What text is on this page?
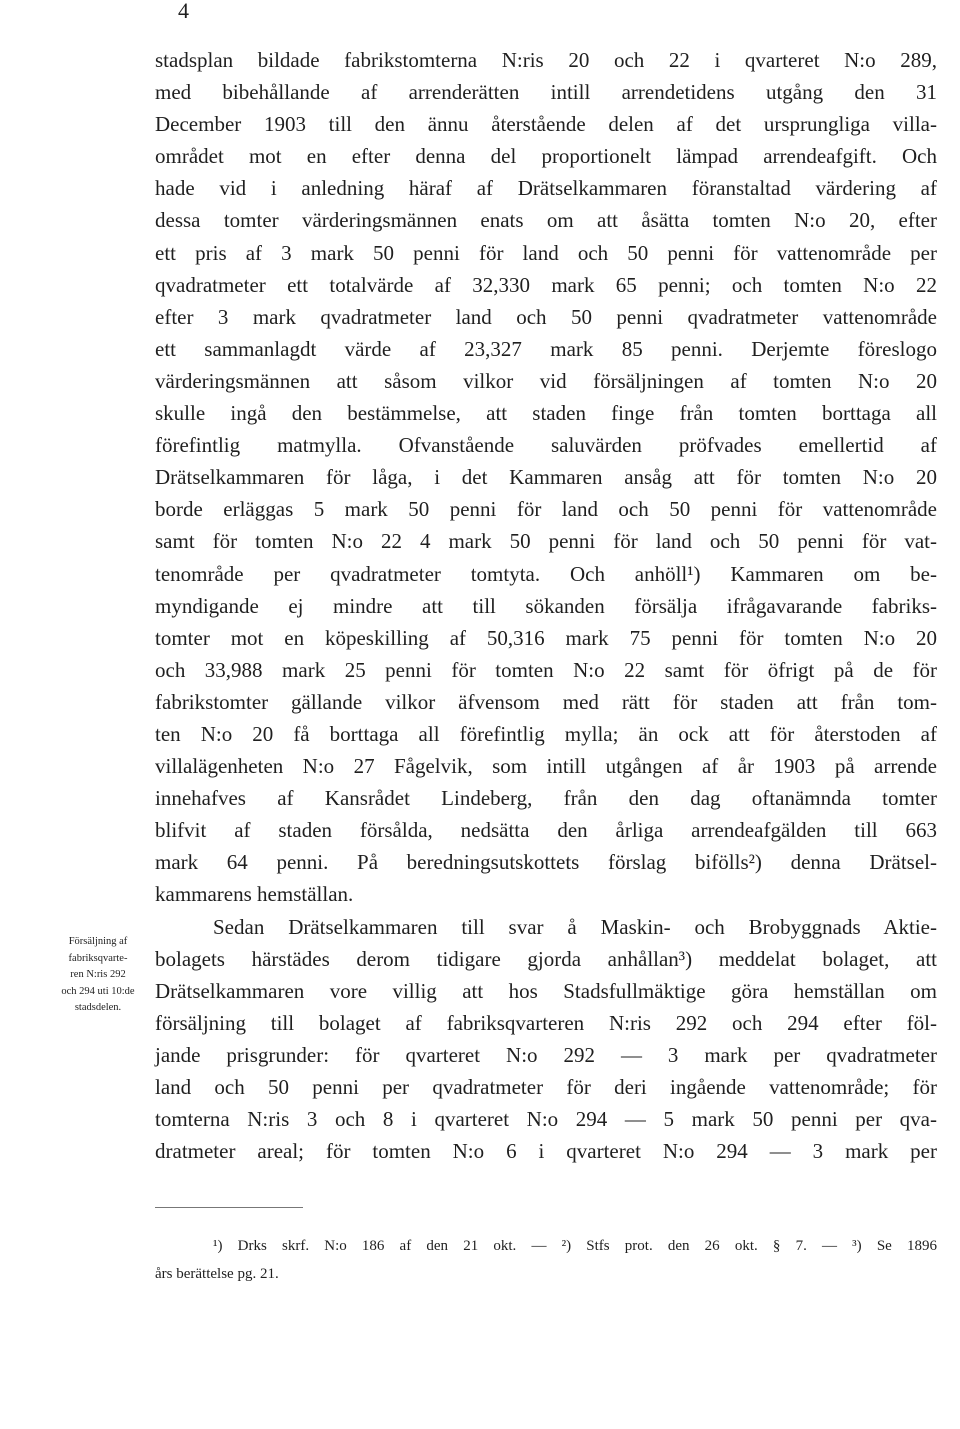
4
stadsplan bildade fabrikstomterna N:ris 20 och 22 i qvarteret N:o 289,
med bibehållande af arrenderätten intill arrendetidens utgång den 31
December 1903 till den ännu återstående delen af det ursprungliga villa-
området mot en efter denna del proportionelt lämpad arrendeafgift. Och
hade vid i anledning häraf af Drätselkammaren föranstaltad värdering af
dessa tomter värderingsmännen enats om att åsätta tomten N:o 20, efter
ett pris af 3 mark 50 penni för land och 50 penni för vattenområde per
qvadratmeter ett totalvärde af 32,330 mark 65 penni; och tomten N:o 22
efter 3 mark qvadratmeter land och 50 penni qvadratmeter vattenområde
ett sammanlagdt värde af 23,327 mark 85 penni. Derjemte föreslogo
värderingsmännen att såsom vilkor vid försäljningen af tomten N:o 20
skulle ingå den bestämmelse, att staden finge från tomten borttaga all
förefintlig matmylla. Ofvanstående saluvärden pröfvades emellertid af
Drätselkammaren för låga, i det Kammaren ansåg att för tomten N:o 20
borde erläggas 5 mark 50 penni för land och 50 penni för vattenområde
samt för tomten N:o 22 4 mark 50 penni för land och 50 penni för vat-
tenområde per qvadratmeter tomtyta. Och anhöll¹) Kammaren om be-
myndigande ej mindre att till sökanden försälja ifrågavarande fabriks-
tomter mot en köpeskilling af 50,316 mark 75 penni för tomten N:o 20
och 33,988 mark 25 penni för tomten N:o 22 samt för öfrigt på de för
fabrikstomter gällande vilkor äfvensom med rätt för staden att från tom-
ten N:o 20 få borttaga all förefintlig mylla; än ock att för återstoden af
villalägenheten N:o 27 Fågelvik, som intill utgången af år 1903 på arrende
innehafves af Kansrådet Lindeberg, från den dag oftanämnda tomter
blifvit af staden försålda, nedsätta den årliga arrendeafgälden till 663
mark 64 penni. På beredningsutskottets förslag bifölls²) denna Drätsel-
kammarens hemställan.
Sedan Drätselkammaren till svar å Maskin- och Brobyggnads Aktie-
bolagets härstädes derom tidigare gjorda anhållan³) meddelat bolaget, att
Drätselkammaren vore villig att hos Stadsfullmäktige göra hemställan om
försäljning till bolaget af fabriksqvarteren N:ris 292 och 294 efter föl-
jande prisgrunder: för qvarteret N:o 292 — 3 mark per qvadratmeter
land och 50 penni per qvadratmeter för deri ingående vattenområde; för
tomterna N:ris 3 och 8 i qvarteret N:o 294 — 5 mark 50 penni per qva-
dratmeter areal; för tomten N:o 6 i qvarteret N:o 294 — 3 mark per
Försäljning af
fabriksqvarte-
ren N:ris 292
och 294 uti 10:de
stadsdelen.
¹) Drks skrf. N:o 186 af den 21 okt. — ²) Stfs prot. den 26 okt. § 7. — ³) Se 1896
års berättelse pg. 21.
